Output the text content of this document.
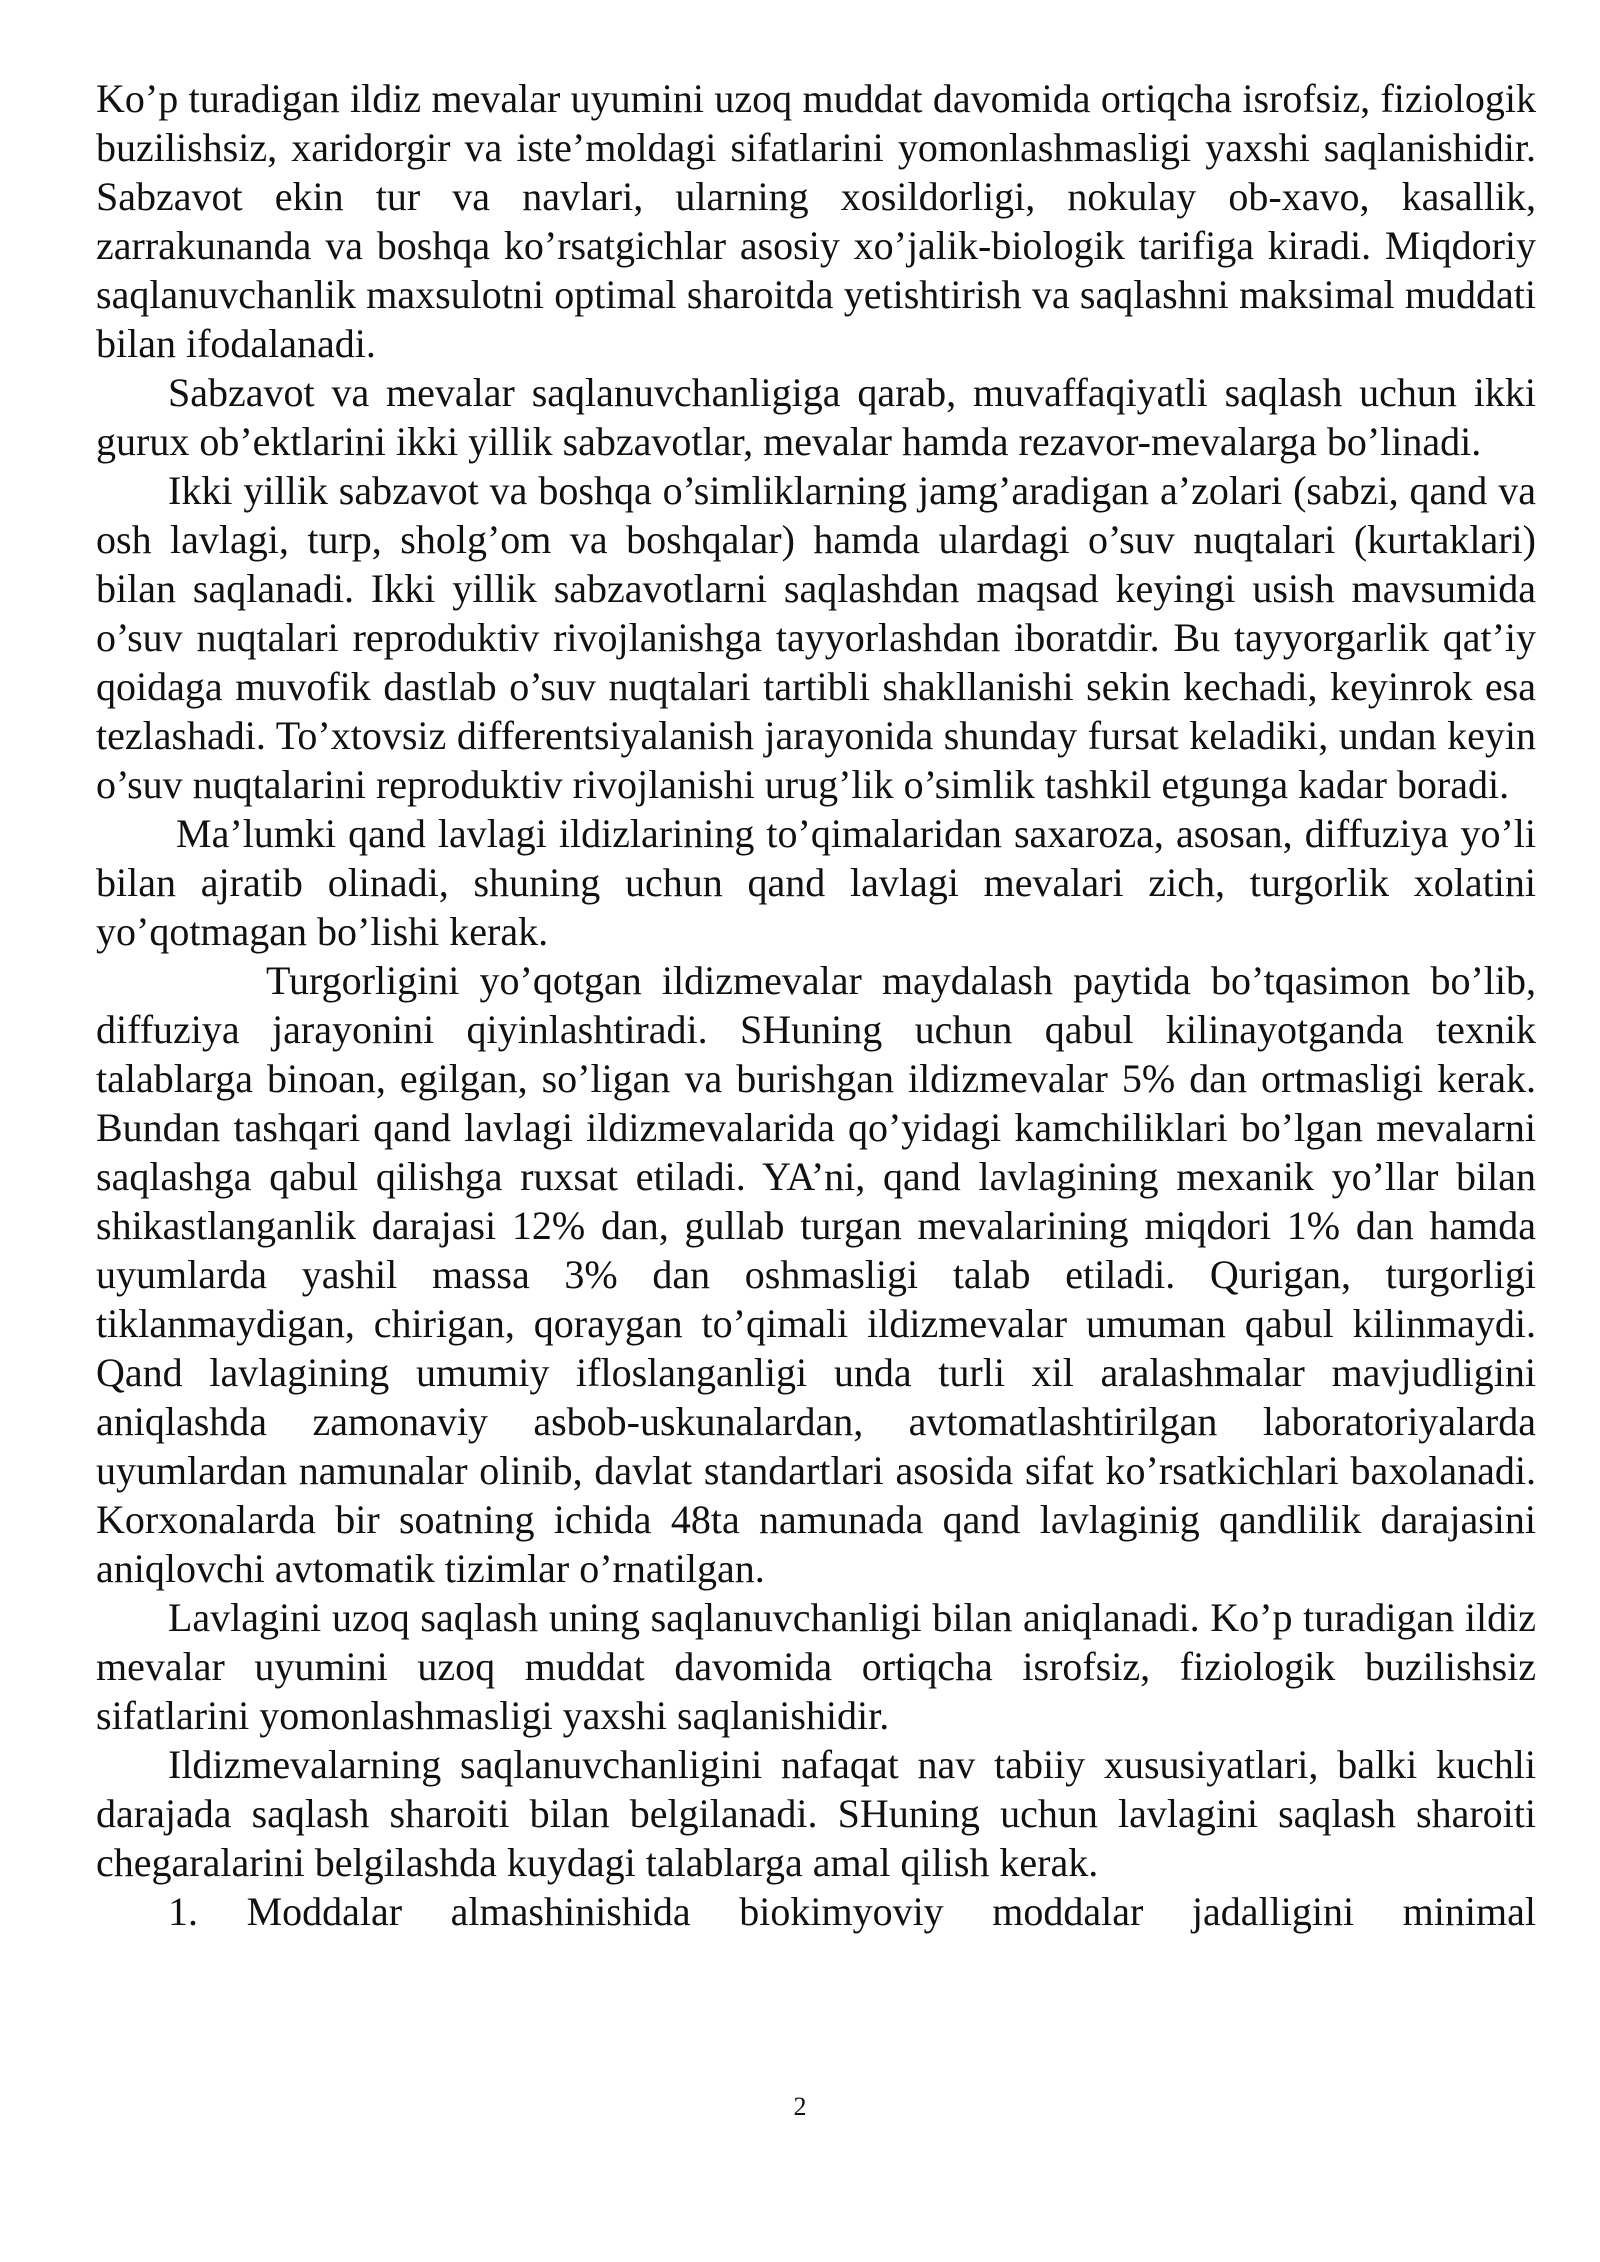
Ko’p turadigan ildiz mevalar uyumini uzoq muddat davomida ortiqcha isrofsiz, fiziologik buzilishsiz, xaridorgir va iste’moldagi sifatlarini yomonlashmasligi yaxshi saqlanishidir. Sabzavot ekin tur va navlari, ularning xosildorligi, nokulay ob-xavo, kasallik, zarrakunanda va boshqa ko’rsatgichlar asosiy xo’jalik-biologik tarifiga kiradi. Miqdoriy saqlanuvchanlik maxsulotni optimal sharoitda yetishtirish va saqlashni maksimal muddati bilan ifodalanadi.

Sabzavot va mevalar saqlanuvchanligiga qarab, muvaffaqiyatli saqlash uchun ikki gurux ob’ektlarini ikki yillik sabzavotlar, mevalar hamda rezavor-mevalarga bo’linadi.

Ikki yillik sabzavot va boshqa o’simliklarning jamg’aradigan a’zolari (sabzi, qand va osh lavlagi, turp, sholg’om va boshqalar) hamda ulardagi o’suv nuqtalari (kurtaklari) bilan saqlanadi. Ikki yillik sabzavotlarni saqlashdan maqsad keyingi usish mavsumida o’suv nuqtalari reproduktiv rivojlanishga tayyorlashdan iboratdir. Bu tayyorgarlik qat’iy qoidaga muvofik dastlab o’suv nuqtalari tartibli shakllanishi sekin kechadi, keyinrok esa tezlashadi. To’xtovsiz differentsiyalanish jarayonida shunday fursat keladiki, undan keyin o’suv nuqtalarini reproduktiv rivojlanishi urug’lik o’simlik tashkil etgunga kadar boradi.

Ma’lumki qand lavlagi ildizlarining to’qimalaridan saxaroza, asosan, diffuziya yo’li bilan ajratib olinadi, shuning uchun qand lavlagi mevalari zich, turgorlik xolatini yo’qotmagan bo’lishi kerak.

Turgorligini yo’qotgan ildizmevalar maydalash paytida bo’tqasimon bo’lib, diffuziya jarayonini qiyinlashtiradi. SHuning uchun qabul kilinayotganda texnik talablarga binoan, egilgan, so’ligan va burishgan ildizmevalar 5% dan ortmasligi kerak. Bundan tashqari qand lavlagi ildizmevalarida qo’yidagi kamchiliklari bo’lgan mevalarni saqlashga qabul qilishga ruxsat etiladi. YA’ni, qand lavlagining mexanik yo’llar bilan shikastlanganlik darajasi 12% dan, gullab turgan mevalarining miqdori 1% dan hamda uyumlarda yashil massa 3% dan oshmasligi talab etiladi. Qurigan, turgorligi tiklanmaydigan, chirigan, qoraygan to’qimali ildizmevalar umuman qabul kilinmaydi. Qand lavlagining umumiy ifloslanganligi unda turli xil aralashmalar mavjudligini aniqlashda zamonaviy asbob-uskunalardan, avtomatlashtirilgan laboratoriyalarda uyumlardan namunalar olinib, davlat standartlari asosida sifat ko’rsatkichlari baxolanadi. Korxonalarda bir soatning ichida 48ta namunada qand lavlaginig qandlilik darajasini aniqlovchi avtomatik tizimlar o’rnatilgan.

Lavlagini uzoq saqlash uning saqlanuvchanligi bilan aniqlanadi. Ko’p turadigan ildiz mevalar uyumini uzoq muddat davomida ortiqcha isrofsiz, fiziologik buzilishsiz sifatlarini yomonlashmasligi yaxshi saqlanishidir.

Ildizmevalarning saqlanuvchanligini nafaqat nav tabiiy xususiyatlari, balki kuchli darajada saqlash sharoiti bilan belgilanadi. SHuning uchun lavlagini saqlash sharoiti chegaralarini belgilashda kuydagi talablarga amal qilish kerak.

1. Moddalar almashinishida biokimyoviy moddalar jadalligini minimal

2
